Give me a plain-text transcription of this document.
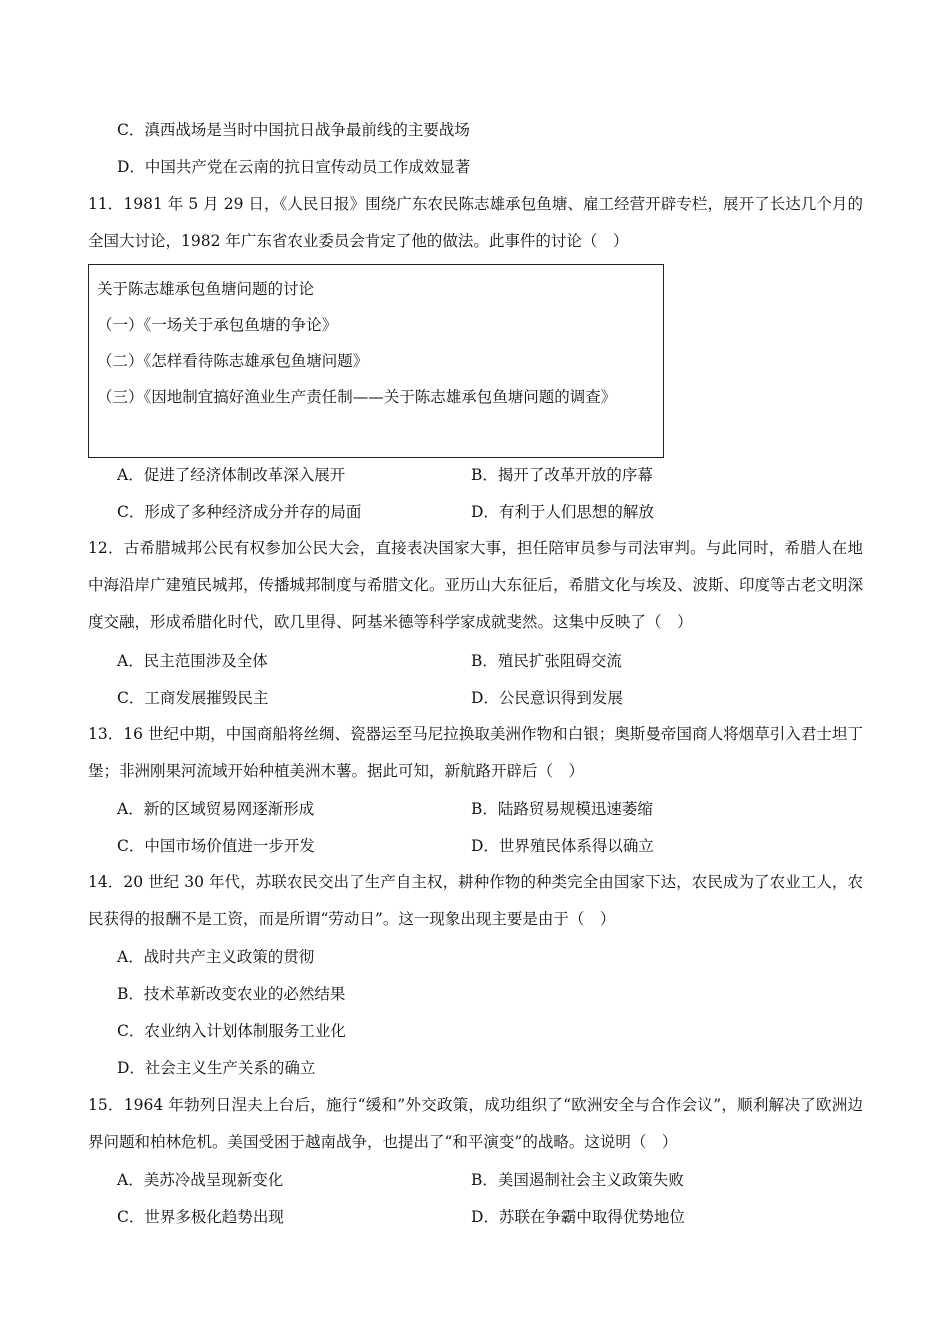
C．滇西战场是当时中国抗日战争最前线的主要战场
D．中国共产党在云南的抗日宣传动员工作成效显著
11．1981 年 5 月 29 日，《人民日报》围绕广东农民陈志雄承包鱼塘、雇工经营开辟专栏，展开了长达几个月的全国大讨论，1982 年广东省农业委员会肯定了他的做法。此事件的讨论（　）
关于陈志雄承包鱼塘问题的讨论
（一）《一场关于承包鱼塘的争论》
（二）《怎样看待陈志雄承包鱼塘问题》
（三）《因地制宜搞好渔业生产责任制——关于陈志雄承包鱼塘问题的调查》
A．促进了经济体制改革深入展开	B．揭开了改革开放的序幕
C．形成了多种经济成分并存的局面	D．有利于人们思想的解放
12．古希腊城邦公民有权参加公民大会，直接表决国家大事，担任陪审员参与司法审判。与此同时，希腊人在地中海沿岸广建殖民城邦，传播城邦制度与希腊文化。亚历山大东征后，希腊文化与埃及、波斯、印度等古老文明深度交融，形成希腊化时代，欧几里得、阿基米德等科学家成就斐然。这集中反映了（　）
A．民主范围涉及全体	B．殖民扩张阻碍交流
C．工商发展摧毁民主	D．公民意识得到发展
13．16 世纪中期，中国商船将丝绸、瓷器运至马尼拉换取美洲作物和白银；奥斯曼帝国商人将烟草引入君士坦丁堡；非洲刚果河流域开始种植美洲木薯。据此可知，新航路开辟后（　）
A．新的区域贸易网逐渐形成	B．陆路贸易规模迅速萎缩
C．中国市场价值进一步开发	D．世界殖民体系得以确立
14．20 世纪 30 年代，苏联农民交出了生产自主权，耕种作物的种类完全由国家下达，农民成为了农业工人，农民获得的报酬不是工资，而是所谓“劳动日”。这一现象出现主要是由于（　）
A．战时共产主义政策的贯彻
B．技术革新改变农业的必然结果
C．农业纳入计划体制服务工业化
D．社会主义生产关系的确立
15．1964 年勃列日涅夫上台后，施行“缓和”外交政策，成功组织了“欧洲安全与合作会议”，顺利解决了欧洲边界问题和柏林危机。美国受困于越南战争，也提出了“和平演变”的战略。这说明（　）
A．美苏冷战呈现新变化	B．美国遏制社会主义政策失败
C．世界多极化趋势出现	D．苏联在争霸中取得优势地位
